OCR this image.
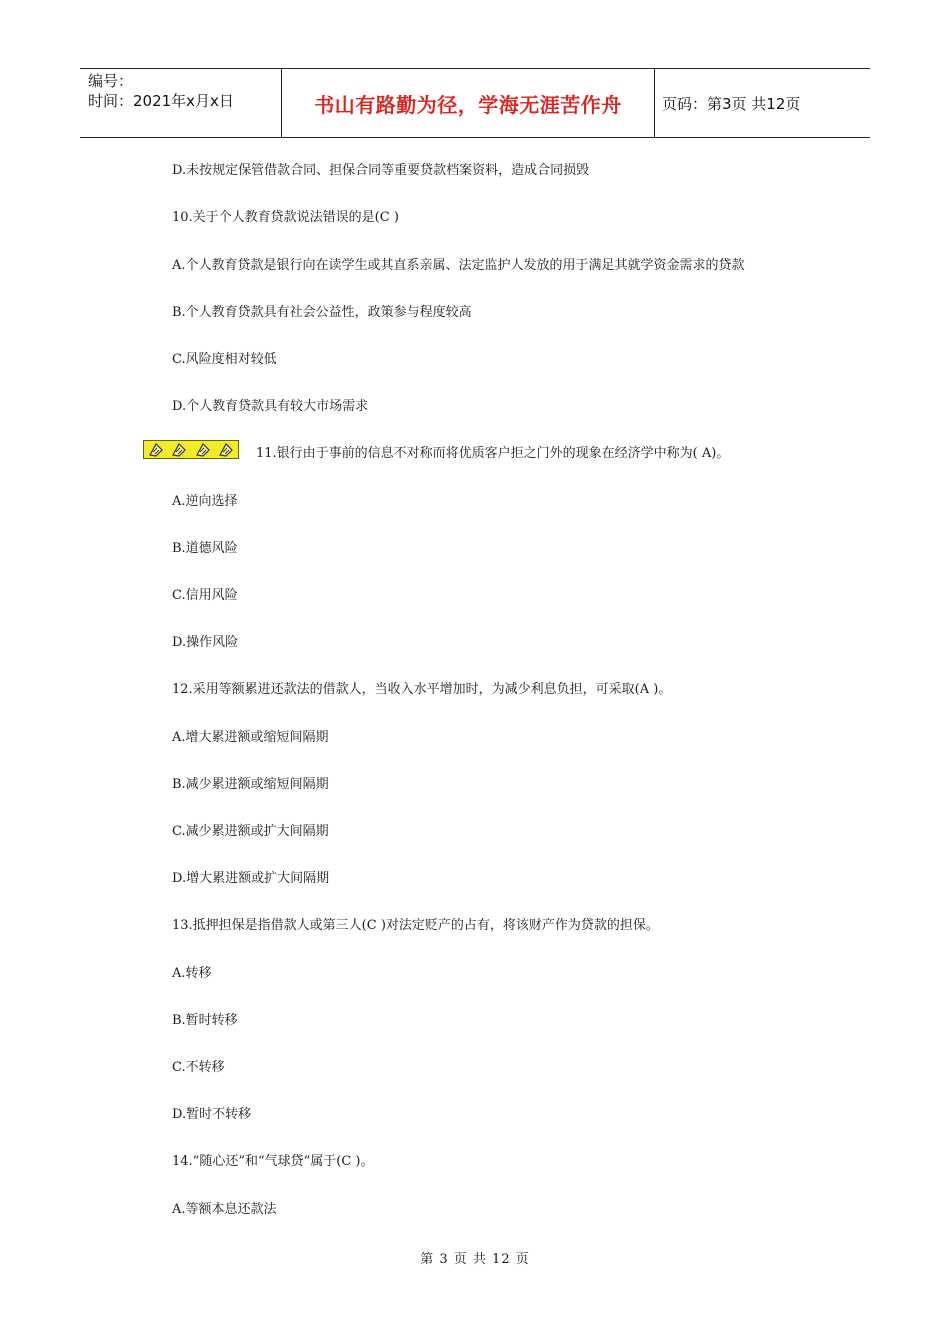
编号：
时间：2021年x月x日	书山有路勤为径，学海无涯苦作舟	页码：第3页 共12页
D.未按规定保管借款合同、担保合同等重要贷款档案资料，造成合同损毁
10.关于个人教育贷款说法错误的是(C )
A.个人教育贷款是银行向在读学生或其直系亲属、法定监护人发放的用于满足其就学资金需求的贷款
B.个人教育贷款具有社会公益性，政策参与程度较高
C.风险度相对较低
D.个人教育贷款具有较大市场需求
11.银行由于事前的信息不对称而将优质客户拒之门外的现象在经济学中称为( A)。
A.逆向选择
B.道德风险
C.信用风险
D.操作风险
12.采用等额累进还款法的借款人，当收入水平增加时，为减少利息负担，可采取(A )。
A.增大累进额或缩短间隔期
B.减少累进额或缩短间隔期
C.减少累进额或扩大间隔期
D.增大累进额或扩大间隔期
13.抵押担保是指借款人或第三人(C )对法定贬产的占有，将该财产作为贷款的担保。
A.转移
B.暂时转移
C.不转移
D.暂时不转移
14.“随心还”和“气球贷”属于(C )。
A.等额本息还款法
第 3 页 共 12 页
